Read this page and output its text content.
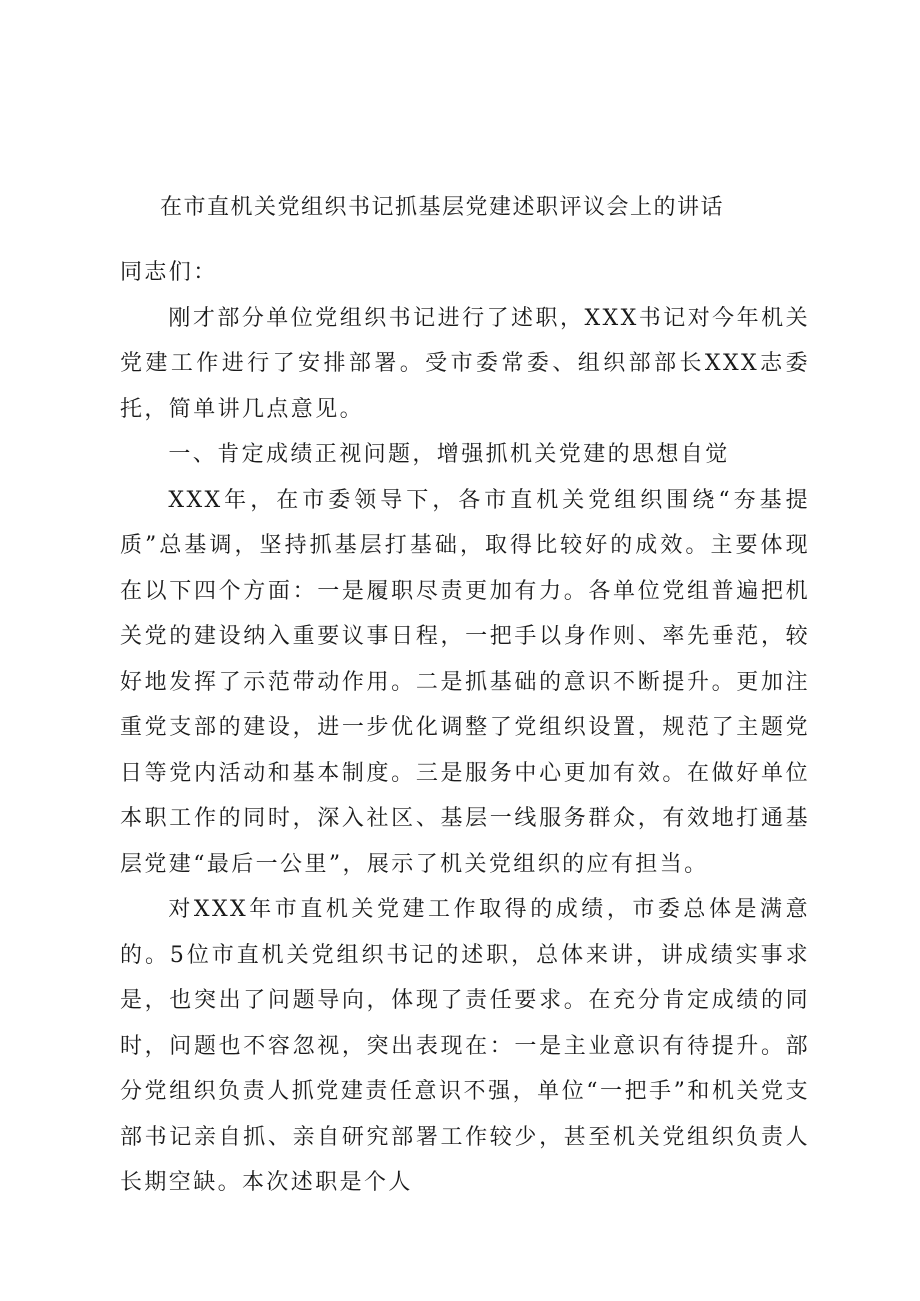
在市直机关党组织书记抓基层党建述职评议会上的讲话

同志们：

刚才部分单位党组织书记进行了述职，XXX书记对今年机关党建工作进行了安排部署。受市委常委、组织部部长XXX志委托，简单讲几点意见。

一、肯定成绩正视问题，增强抓机关党建的思想自觉

XXX年，在市委领导下，各市直机关党组织围绕“夯基提质”总基调，坚持抓基层打基础，取得比较好的成效。主要体现在以下四个方面：一是履职尽责更加有力。各单位党组普遍把机关党的建设纳入重要议事日程，一把手以身作则、率先垂范，较好地发挥了示范带动作用。二是抓基础的意识不断提升。更加注重党支部的建设，进一步优化调整了党组织设置，规范了主题党日等党内活动和基本制度。三是服务中心更加有效。在做好单位本职工作的同时，深入社区、基层一线服务群众，有效地打通基层党建“最后一公里”，展示了机关党组织的应有担当。

对XXX年市直机关党建工作取得的成绩，市委总体是满意的。5位市直机关党组织书记的述职，总体来讲，讲成绩实事求是，也突出了问题导向，体现了责任要求。在充分肯定成绩的同时，问题也不容忽视，突出表现在：一是主业意识有待提升。部分党组织负责人抓党建责任意识不强，单位“一把手”和机关党支部书记亲自抓、亲自研究部署工作较少，甚至机关党组织负责人长期空缺。本次述职是个人
